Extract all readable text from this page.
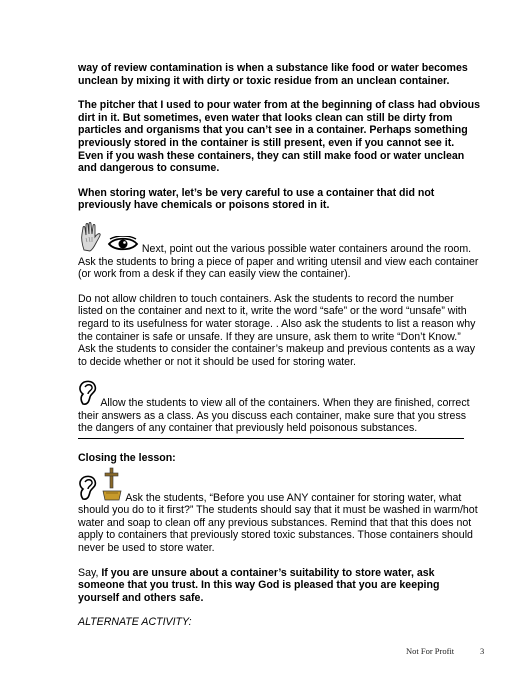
way of review contamination is when a substance like food or water becomes unclean by mixing it with dirty or toxic residue from an unclean container.

The pitcher that I used to pour water from at the beginning of class had obvious dirt in it. But sometimes, even water that looks clean can still be dirty from particles and organisms that you can’t see in a container. Perhaps something previously stored in the container is still present, even if you cannot see it. Even if you wash these containers, they can still make food or water unclean and dangerous to consume.

When storing water, let’s be very careful to use a container that did not previously have chemicals or poisons stored in it.

Next, point out the various possible water containers around the room. Ask the students to bring a piece of paper and writing utensil and view each container (or work from a desk if they can easily view the container).

Do not allow children to touch containers. Ask the students to record the number listed on the container and next to it, write the word “safe” or the word “unsafe” with regard to its usefulness for water storage. . Also ask the students to list a reason why the container is safe or unsafe. If they are unsure, ask them to write “Don’t Know.” Ask the students to consider the container’s makeup and previous contents as a way to decide whether or not it should be used for storing water.

Allow the students to view all of the containers. When they are finished, correct their answers as a class. As you discuss each container, make sure that you stress the dangers of any container that previously held poisonous substances.

Closing the lesson:

Ask the students, “Before you use ANY container for storing water, what should you do to it first?” The students should say that it must be washed in warm/hot water and soap to clean off any previous substances. Remind that that this does not apply to containers that previously stored toxic substances. Those containers should never be used to store water.

Say, If you are unsure about a container’s suitability to store water, ask someone that you trust. In this way God is pleased that you are keeping yourself and others safe.

ALTERNATE ACTIVITY:

Not For Profit	3
